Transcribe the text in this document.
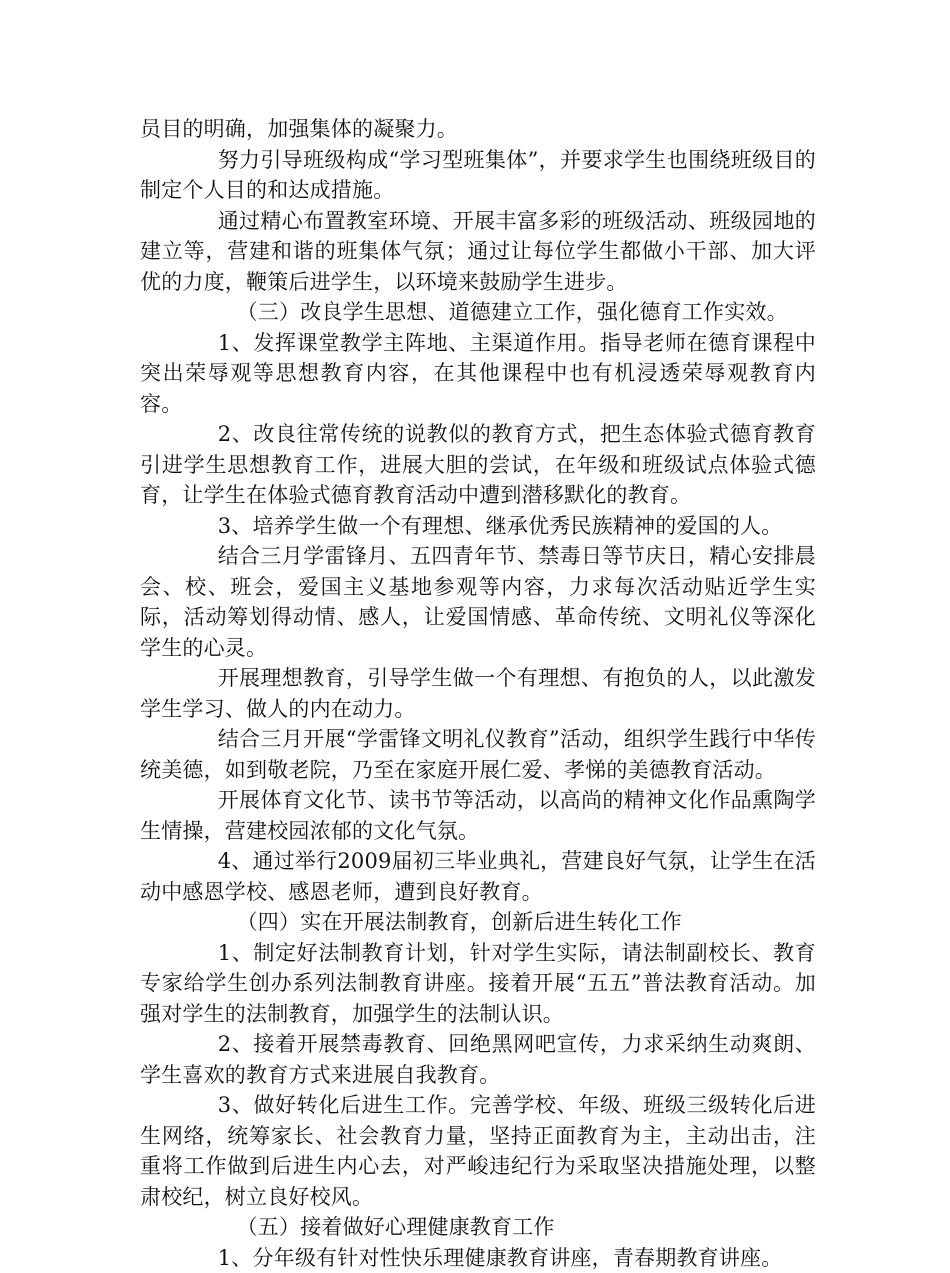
员目的明确，加强集体的凝聚力。

努力引导班级构成“学习型班集体”，并要求学生也围绕班级目的制定个人目的和达成措施。

通过精心布置教室环境、开展丰富多彩的班级活动、班级园地的建立等，营建和谐的班集体气氛；通过让每位学生都做小干部、加大评优的力度，鞭策后进学生，以环境来鼓励学生进步。

（三）改良学生思想、道德建立工作，强化德育工作实效。

1、发挥课堂教学主阵地、主渠道作用。指导老师在德育课程中突出荣辱观等思想教育内容，在其他课程中也有机浸透荣辱观教育内容。

2、改良往常传统的说教似的教育方式，把生态体验式德育教育引进学生思想教育工作，进展大胆的尝试，在年级和班级试点体验式德育，让学生在体验式德育教育活动中遭到潜移默化的教育。

3、培养学生做一个有理想、继承优秀民族精神的爱国的人。

结合三月学雷锋月、五四青年节、禁毒日等节庆日，精心安排晨会、校、班会，爱国主义基地参观等内容，力求每次活动贴近学生实际，活动筹划得动情、感人，让爱国情感、革命传统、文明礼仪等深化学生的心灵。

开展理想教育，引导学生做一个有理想、有抱负的人，以此激发学生学习、做人的内在动力。

结合三月开展“学雷锋文明礼仪教育”活动，组织学生践行中华传统美德，如到敬老院，乃至在家庭开展仁爱、孝悌的美德教育活动。

开展体育文化节、读书节等活动，以高尚的精神文化作品熏陶学生情操，营建校园浓郁的文化气氛。

4、通过举行2009届初三毕业典礼，营建良好气氛，让学生在活动中感恩学校、感恩老师，遭到良好教育。

（四）实在开展法制教育，创新后进生转化工作

1、制定好法制教育计划，针对学生实际，请法制副校长、教育专家给学生创办系列法制教育讲座。接着开展“五五”普法教育活动。加强对学生的法制教育，加强学生的法制认识。

2、接着开展禁毒教育、回绝黑网吧宣传，力求采纳生动爽朗、学生喜欢的教育方式来进展自我教育。

3、做好转化后进生工作。完善学校、年级、班级三级转化后进生网络，统筹家长、社会教育力量，坚持正面教育为主，主动出击，注重将工作做到后进生内心去，对严峻违纪行为采取坚决措施处理，以整肃校纪，树立良好校风。

（五）接着做好心理健康教育工作

1、分年级有针对性快乐理健康教育讲座，青春期教育讲座。
